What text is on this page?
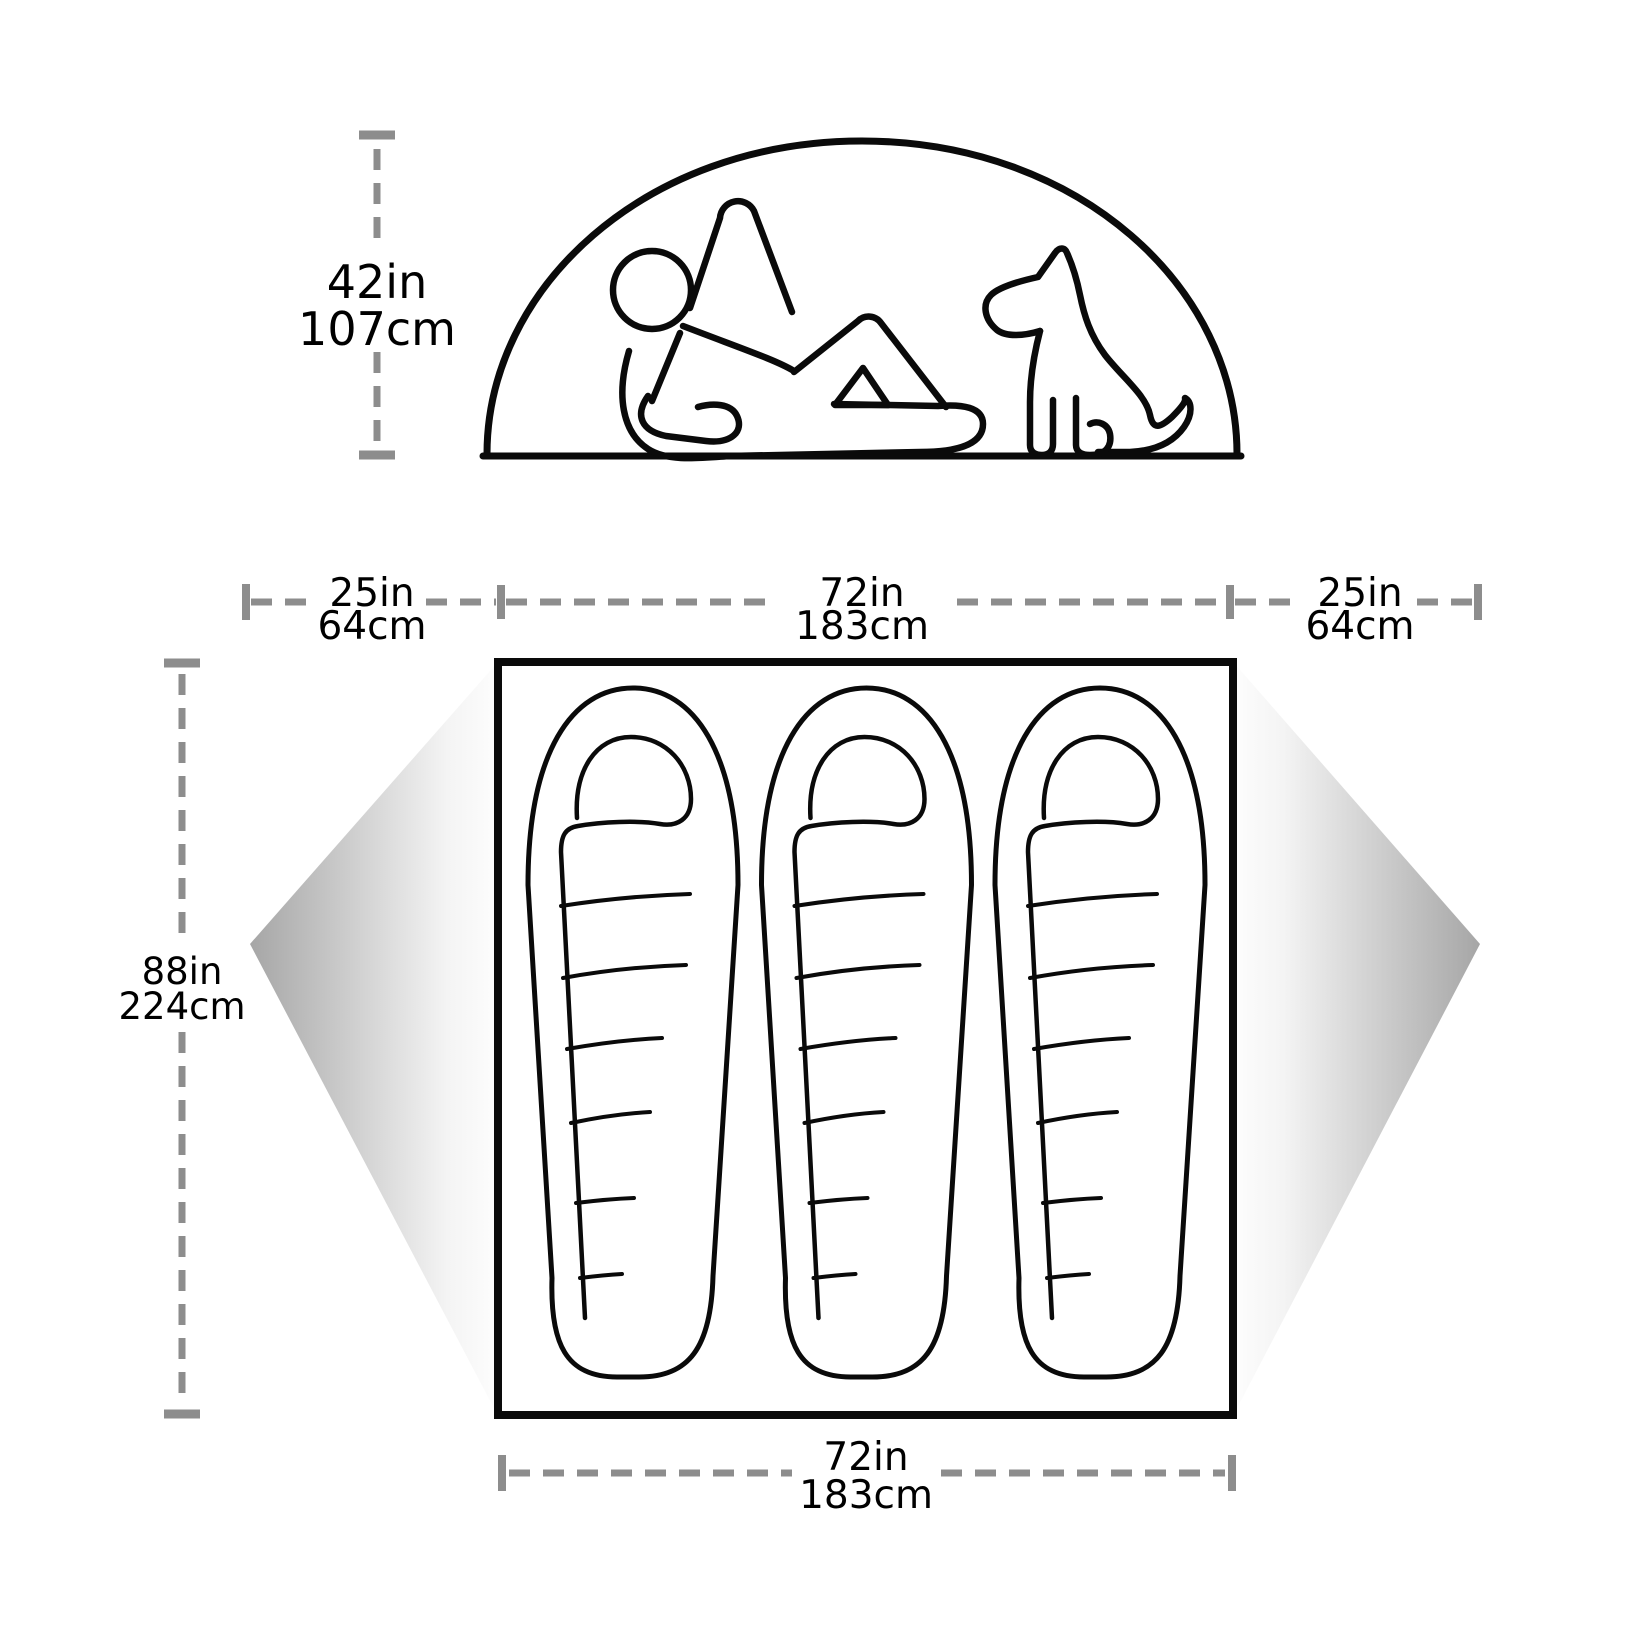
42in
107cm
25in
64cm
72in
183cm
25in
64cm
88in
224cm
72in
183cm
